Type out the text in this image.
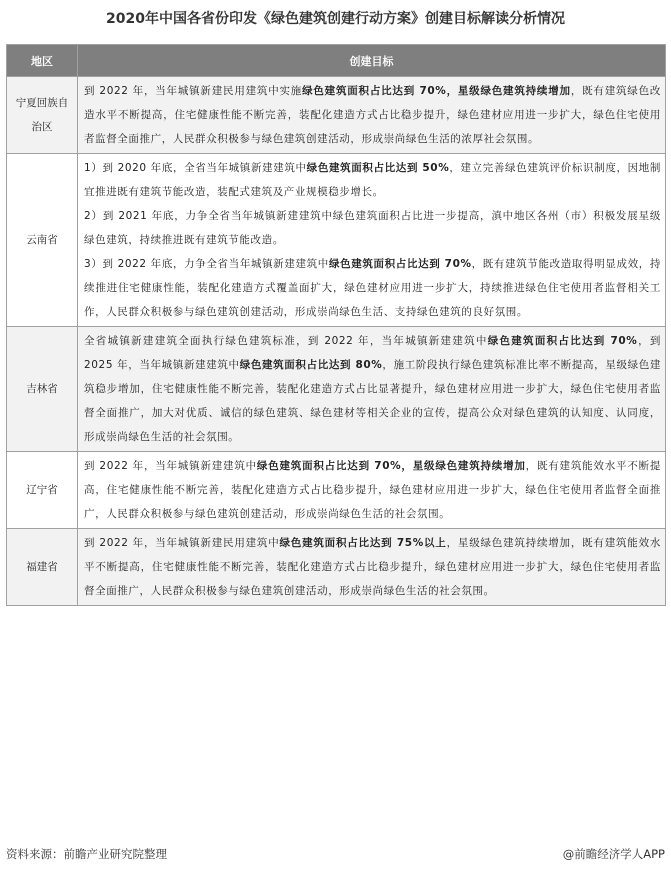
2020年中国各省份印发《绿色建筑创建行动方案》创建目标解读分析情况
地区	创建目标
宁夏回族自治区	到 2022 年，当年城镇新建民用建筑中实施绿色建筑面积占比达到 70%，星级绿色建筑持续增加，既有建筑绿色改造水平不断提高，住宅健康性能不断完善，装配化建造方式占比稳步提升，绿色建材应用进一步扩大，绿色住宅使用者监督全面推广，人民群众积极参与绿色建筑创建活动，形成崇尚绿色生活的浓厚社会氛围。

云南省	1）到 2020 年底，全省当年城镇新建建筑中绿色建筑面积占比达到 50%，建立完善绿色建筑评价标识制度，因地制宜推进既有建筑节能改造，装配式建筑及产业规模稳步增长。

2）到 2021 年底，力争全省当年城镇新建建筑中绿色建筑面积占比进一步提高，滇中地区各州（市）积极发展星级绿色建筑，持续推进既有建筑节能改造。

3）到 2022 年底，力争全省当年城镇新建建筑中绿色建筑面积占比达到 70%，既有建筑节能改造取得明显成效，持续推进住宅健康性能，装配化建造方式覆盖面扩大，绿色建材应用进一步扩大，持续推进绿色住宅使用者监督相关工作，人民群众积极参与绿色建筑创建活动，形成崇尚绿色生活、支持绿色建筑的良好氛围。

吉林省	全省城镇新建建筑全面执行绿色建筑标准，到 2022 年，当年城镇新建建筑中绿色建筑面积占比达到 70%，到 2025 年，当年城镇新建建筑中绿色建筑面积占比达到 80%，施工阶段执行绿色建筑标准比率不断提高，星级绿色建筑稳步增加，住宅健康性能不断完善，装配化建造方式占比显著提升，绿色建材应用进一步扩大，绿色住宅使用者监督全面推广，加大对优质、诚信的绿色建筑、绿色建材等相关企业的宣传，提高公众对绿色建筑的认知度、认同度，形成崇尚绿色生活的社会氛围。

辽宁省	到 2022 年，当年城镇新建建筑中绿色建筑面积占比达到 70%，星级绿色建筑持续增加，既有建筑能效水平不断提高，住宅健康性能不断完善，装配化建造方式占比稳步提升，绿色建材应用进一步扩大，绿色住宅使用者监督全面推广，人民群众积极参与绿色建筑创建活动，形成崇尚绿色生活的社会氛围。

福建省	到 2022 年，当年城镇新建民用建筑中绿色建筑面积占比达到 75%以上，星级绿色建筑持续增加，既有建筑能效水平不断提高，住宅健康性能不断完善，装配化建造方式占比稳步提升，绿色建材应用进一步扩大，绿色住宅使用者监督全面推广，人民群众积极参与绿色建筑创建活动，形成崇尚绿色生活的社会氛围。

资料来源：前瞻产业研究院整理	@前瞻经济学人APP
